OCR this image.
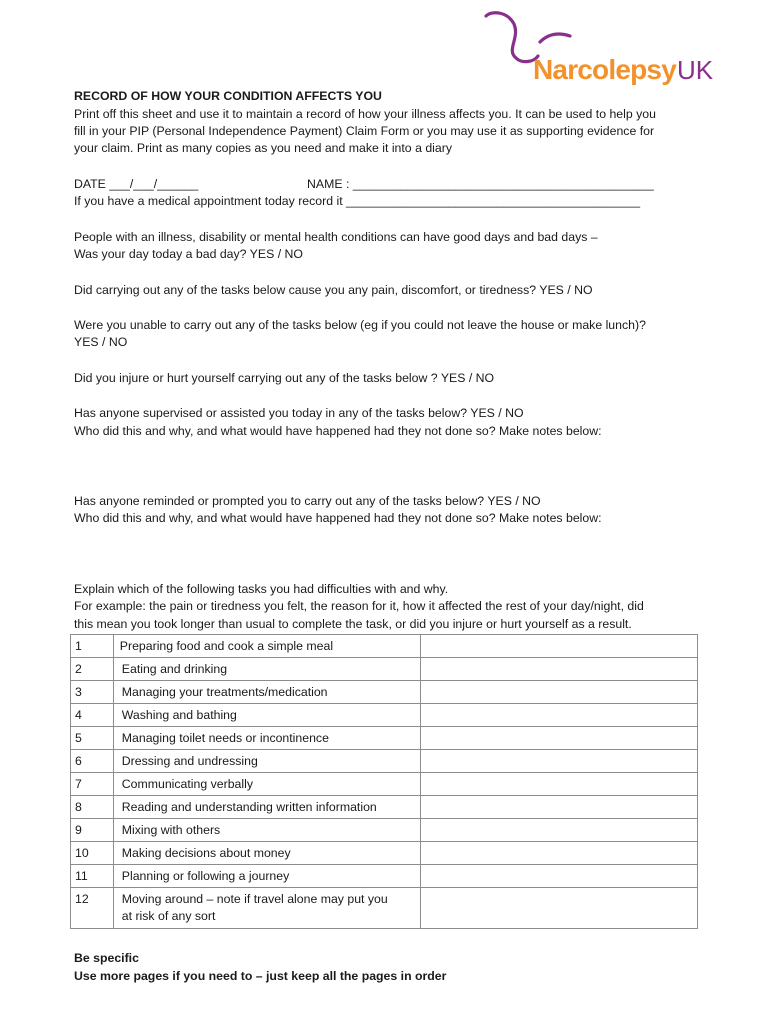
NarcolepsyUK
RECORD OF HOW YOUR CONDITION AFFECTS YOU
Print off this sheet and use it to maintain a record of how your illness affects you. It can be used to help you
fill in your PIP (Personal Independence Payment) Claim Form or you may use it as supporting evidence for
your claim. Print as many copies as you need and make it into a diary
DATE ___/___/______	NAME : ____________________________________________
If you have a medical appointment today record it ___________________________________________
People with an illness, disability or mental health conditions can have good days and bad days –
Was your day today a bad day? YES / NO
Did carrying out any of the tasks below cause you any pain, discomfort, or tiredness? YES / NO
Were you unable to carry out any of the tasks below (eg if you could not leave the house or make lunch)?
YES / NO
Did you injure or hurt yourself carrying out any of the tasks below ? YES / NO
Has anyone supervised or assisted you today in any of the tasks below? YES / NO
Who did this and why, and what would have happened had they not done so? Make notes below:
Has anyone reminded or prompted you to carry out any of the tasks below? YES / NO
Who did this and why, and what would have happened had they not done so? Make notes below:
Explain which of the following tasks you had difficulties with and why.
For example: the pain or tiredness you felt, the reason for it, how it affected the rest of your day/night, did
this mean you took longer than usual to complete the task, or did you injure or hurt yourself as a result.
1	Preparing food and cook a simple meal	
2	Eating and drinking	
3	Managing your treatments/medication	
4	Washing and bathing	
5	Managing toilet needs or incontinence	
6	Dressing and undressing	
7	Communicating verbally	
8	Reading and understanding written information	
9	Mixing with others	
10	Making decisions about money	
11	Planning or following a journey	
12	Moving around – note if travel alone may put you
at risk of any sort	

Be specific
Use more pages if you need to – just keep all the pages in order
